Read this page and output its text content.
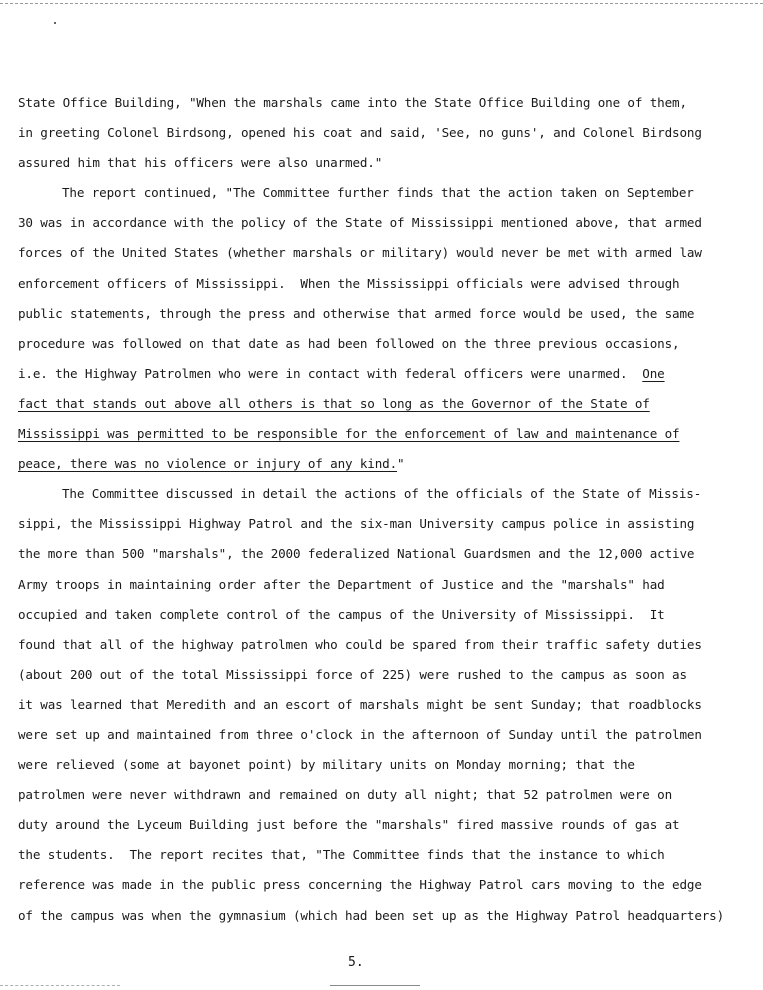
State Office Building, "When the marshals came into the State Office Building one of them,
in greeting Colonel Birdsong, opened his coat and said, 'See, no guns', and Colonel Birdsong
assured him that his officers were also unarmed."
The report continued, "The Committee further finds that the action taken on September
30 was in accordance with the policy of the State of Mississippi mentioned above, that armed
forces of the United States (whether marshals or military) would never be met with armed law
enforcement officers of Mississippi.  When the Mississippi officials were advised through
public statements, through the press and otherwise that armed force would be used, the same
procedure was followed on that date as had been followed on the three previous occasions,
i.e. the Highway Patrolmen who were in contact with federal officers were unarmed.  One
fact that stands out above all others is that so long as the Governor of the State of
Mississippi was permitted to be responsible for the enforcement of law and maintenance of
peace, there was no violence or injury of any kind."
The Committee discussed in detail the actions of the officials of the State of Missis-
sippi, the Mississippi Highway Patrol and the six-man University campus police in assisting
the more than 500 "marshals", the 2000 federalized National Guardsmen and the 12,000 active
Army troops in maintaining order after the Department of Justice and the "marshals" had
occupied and taken complete control of the campus of the University of Mississippi.  It
found that all of the highway patrolmen who could be spared from their traffic safety duties
(about 200 out of the total Mississippi force of 225) were rushed to the campus as soon as
it was learned that Meredith and an escort of marshals might be sent Sunday; that roadblocks
were set up and maintained from three o'clock in the afternoon of Sunday until the patrolmen
were relieved (some at bayonet point) by military units on Monday morning; that the
patrolmen were never withdrawn and remained on duty all night; that 52 patrolmen were on
duty around the Lyceum Building just before the "marshals" fired massive rounds of gas at
the students.  The report recites that, "The Committee finds that the instance to which
reference was made in the public press concerning the Highway Patrol cars moving to the edge
of the campus was when the gymnasium (which had been set up as the Highway Patrol headquarters)
5.
